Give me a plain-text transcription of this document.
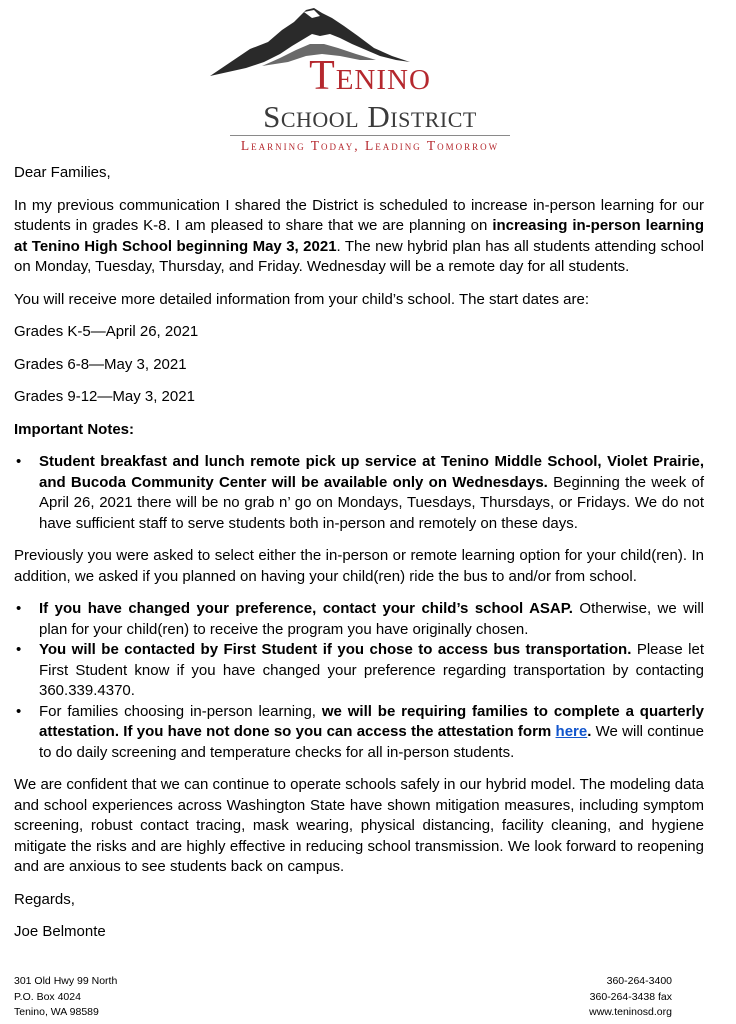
Tenino
School District
Learning Today, Leading Tomorrow

Dear Families,

In my previous communication I shared the District is scheduled to increase in-person learning for our students in grades K-8. I am pleased to share that we are planning on increasing in-person learning at Tenino High School beginning May 3, 2021. The new hybrid plan has all students attending school on Monday, Tuesday, Thursday, and Friday. Wednesday will be a remote day for all students.

You will receive more detailed information from your child’s school. The start dates are:

Grades K-5—April 26, 2021

Grades 6-8—May 3, 2021

Grades 9-12—May 3, 2021

Important Notes:

• Student breakfast and lunch remote pick up service at Tenino Middle School, Violet Prairie, and Bucoda Community Center will be available only on Wednesdays. Beginning the week of April 26, 2021 there will be no grab n’ go on Mondays, Tuesdays, Thursdays, or Fridays. We do not have sufficient staff to serve students both in-person and remotely on these days.

Previously you were asked to select either the in-person or remote learning option for your child(ren). In addition, we asked if you planned on having your child(ren) ride the bus to and/or from school.

• If you have changed your preference, contact your child’s school ASAP. Otherwise, we will plan for your child(ren) to receive the program you have originally chosen.
• You will be contacted by First Student if you chose to access bus transportation. Please let First Student know if you have changed your preference regarding transportation by contacting 360.339.4370.
• For families choosing in-person learning, we will be requiring families to complete a quarterly attestation. If you have not done so you can access the attestation form here. We will continue to do daily screening and temperature checks for all in-person students.

We are confident that we can continue to operate schools safely in our hybrid model. The modeling data and school experiences across Washington State have shown mitigation measures, including symptom screening, robust contact tracing, mask wearing, physical distancing, facility cleaning, and hygiene mitigate the risks and are highly effective in reducing school transmission. We look forward to reopening and are anxious to see students back on campus.

Regards,

Joe Belmonte

301 Old Hwy 99 North
P.O. Box 4024
Tenino, WA 98589
360-264-3400
360-264-3438 fax
www.teninosd.org
